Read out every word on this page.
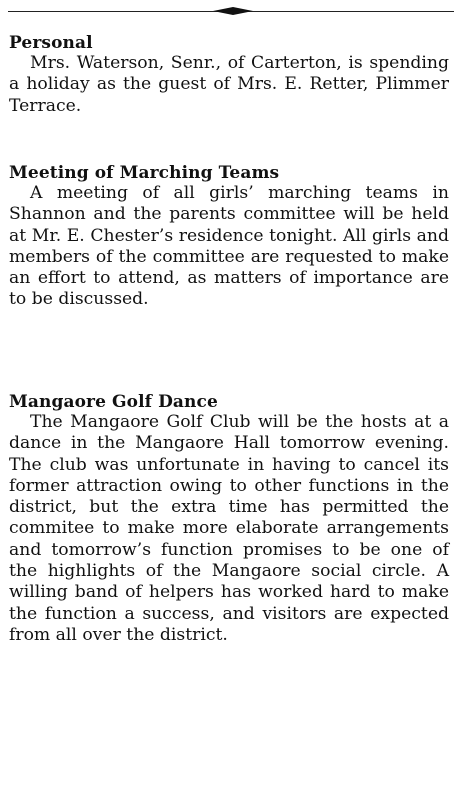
Personal

Mrs. Waterson, Senr., of Carterton, is spending a holiday as the guest of Mrs. E. Retter, Plimmer Terrace.

Meeting of Marching Teams

A meeting of all girls’ marching teams in Shannon and the parents committee will be held at Mr. E. Chester’s residence tonight. All girls and members of the committee are requested to make an effort to attend, as matters of importance are to be discussed.

Mangaore Golf Dance

The Mangaore Golf Club will be the hosts at a dance in the Mangaore Hall tomorrow evening. The club was unfortunate in having to cancel its former attraction owing to other functions in the district, but the extra time has permitted the commitee to make more elaborate arrangements and tomorrow’s function promises to be one of the highlights of the Mangaore social circle. A willing band of helpers has worked hard to make the function a success, and visitors are expected from all over the district.
